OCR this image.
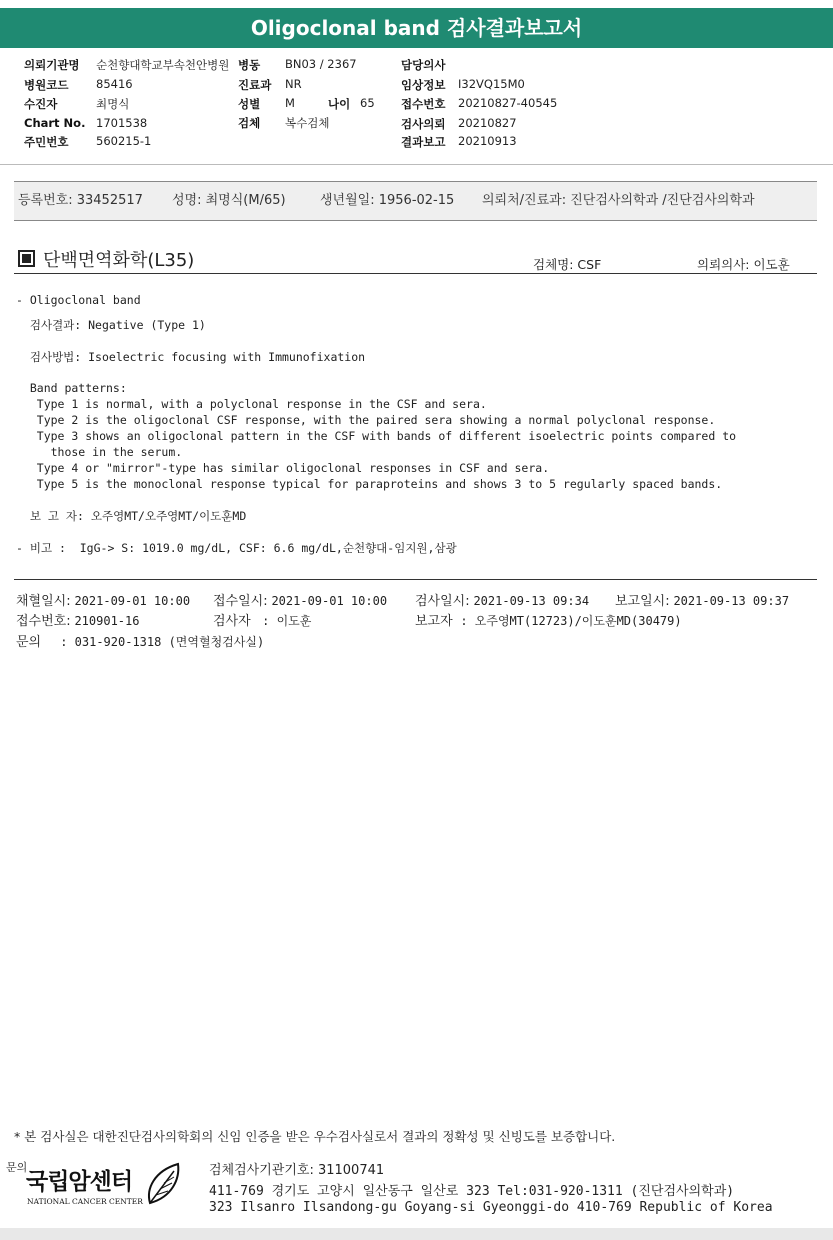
Oligoclonal band 검사결과보고서
의뢰기관명 순천향대학교부속천안병원
병원코드 85416
수진자	최명식
Chart No. 1701538
주민번호 560215-1
병동 BN03 / 2367
진료과 NR
성별 M	나이 65
검체 복수검체
담당의사
임상정보 I32VQ15M0
접수번호 20210827-40545
검사의뢰 20210827
결과보고 20210913
등록번호: 33452517 성명: 최명식(M/65)	생년월일: 1956-02-15 의뢰처/진료과: 진단검사의학과 /진단검사의학과
단백면역화학(L35)	검체명: CSF	의뢰의사: 이도훈
- Oligoclonal band
검사결과: Negative (Type 1)
검사방법: Isoelectric focusing with Immunofixation
Band patterns:
Type 1 is normal, with a polyclonal response in the CSF and sera.
Type 2 is the oligoclonal CSF response, with the paired sera showing a normal polyclonal response.
Type 3 shows an oligoclonal pattern in the CSF with bands of different isoelectric points compared to
those in the serum.
Type 4 or "mirror"-type has similar oligoclonal responses in CSF and sera.
Type 5 is the monoclonal response typical for paraproteins and shows 3 to 5 regularly spaced bands.
보 고 자: 오주영MT/오주영MT/이도훈MD
- 비고 :  IgG-> S: 1019.0 mg/dL, CSF: 6.6 mg/dL,순천향대-임지원,삼광
채혈일시: 2021-09-01 10:00 접수일시: 2021-09-01 10:00 검사일시: 2021-09-13 09:34 보고일시: 2021-09-13 09:37
접수번호: 210901-16	검사자 : 이도훈	보고자 : 오주영MT(12723)/이도훈MD(30479)
문의 : 031-920-1318 (면역혈청검사실)
* 본 검사실은 대한진단검사의학회의 신임 인증을 받은 우수검사실로서 결과의 정확성 및 신빙도를 보증합니다.
문의
국립암센터
NATIONAL CANCER CENTER
검체검사기관기호: 31100741
411-769 경기도 고양시 일산동구 일산로 323 Tel:031-920-1311 (진단검사의학과)
323 Ilsanro Ilsandong-gu Goyang-si Gyeonggi-do 410-769 Republic of Korea
